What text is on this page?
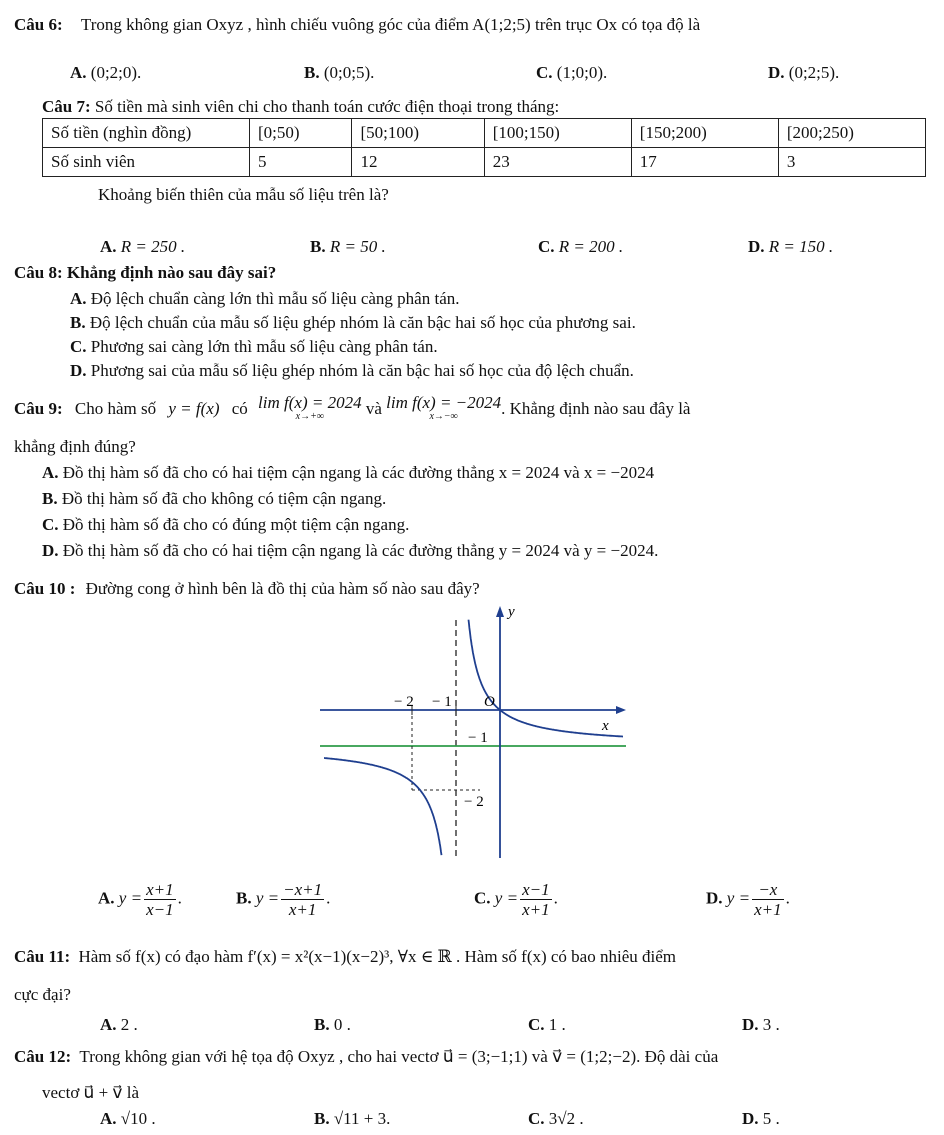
Câu 6: Trong không gian Oxyz , hình chiếu vuông góc của điểm A(1;2;5) trên trục Ox có tọa độ là
A. (0;2;0).	B. (0;0;5).	C. (1;0;0).	D. (0;2;5).
Câu 7: Số tiền mà sinh viên chi cho thanh toán cước điện thoại trong tháng:
Số tiền (nghìn đồng)	[0;50)	[50;100)	[100;150)	[150;200)	[200;250)
Số sinh viên	5	12	23	17	3
Khoảng biến thiên của mẫu số liệu trên là?
A. R = 250 .	B. R = 50 .	C. R = 200 .	D. R = 150 .
Câu 8: Khẳng định nào sau đây sai?
A. Độ lệch chuẩn càng lớn thì mẫu số liệu càng phân tán.
B. Độ lệch chuẩn của mẫu số liệu ghép nhóm là căn bậc hai số học của phương sai.
C. Phương sai càng lớn thì mẫu số liệu càng phân tán.
D. Phương sai của mẫu số liệu ghép nhóm là căn bậc hai số học của độ lệch chuẩn.
Câu 9: Cho hàm số y = f(x) có lim f(x) = 2024
x→+∞	và lim f(x) = −2024
x→−∞	. Khẳng định nào sau đây là
khẳng định đúng?
A. Đồ thị hàm số đã cho có hai tiệm cận ngang là các đường thẳng x = 2024 và x = −2024
B. Đồ thị hàm số đã cho không có tiệm cận ngang.
C. Đồ thị hàm số đã cho có đúng một tiệm cận ngang.
D. Đồ thị hàm số đã cho có hai tiệm cận ngang là các đường thẳng y = 2024 và y = −2024.
Câu 10 : Đường cong ở hình bên là đồ thị của hàm số nào sau đây?
y
x
O
− 2 − 1
− 1
− 2
A. $y = \frac{x+1}{x-1}$ .	B. $y = \frac{-x+1}{x+1}$ .	C. $y = \frac{x-1}{x+1}$ .	D. $y = \frac{-x}{x+1}$ .
Câu 11: Hàm số f(x) có đạo hàm f′(x) = x²(x−1)(x−2)³, ∀x ∈ ℝ . Hàm số f(x) có bao nhiêu điểm
cực đại?
A. 2 .	B. 0 .	C. 1 .	D. 3 .
Câu 12: Trong không gian với hệ tọa độ Oxyz , cho hai vectơ u⃗ = (3;−1;1) và v⃗ = (1;2;−2). Độ dài của
vectơ u⃗ + v⃗ là
A. √10 .	B. √11 + 3.	C. 3√2 .	D. 5 .
